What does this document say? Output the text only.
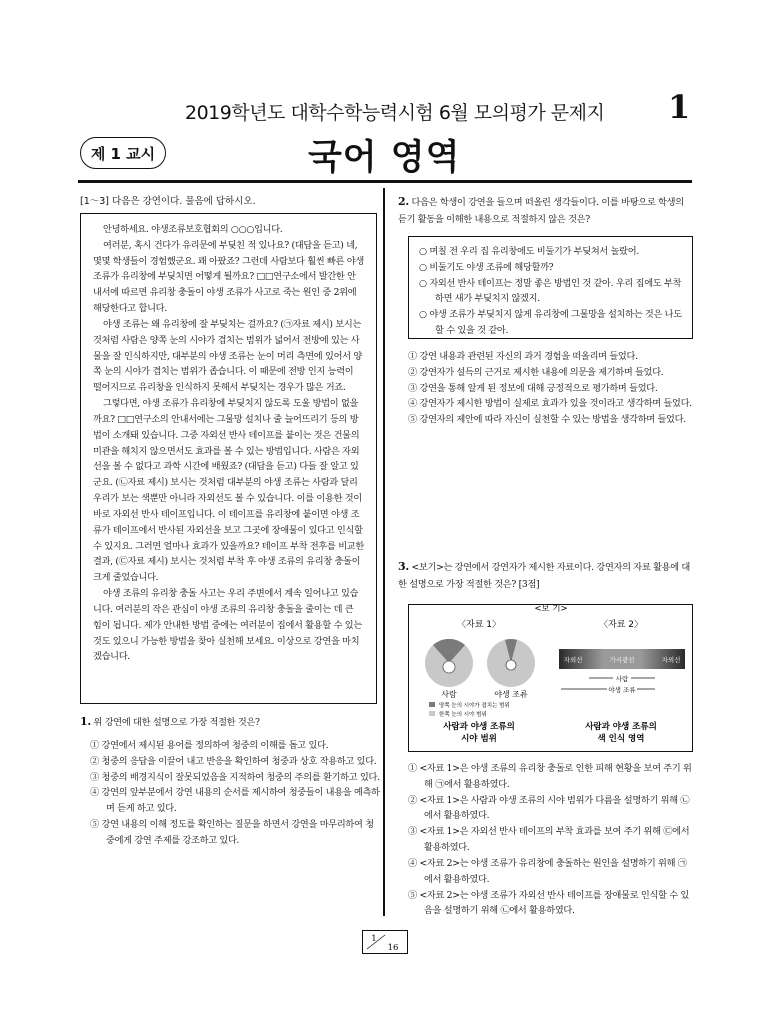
2019학년도 대학수학능력시험 6월 모의평가 문제지 1
제 1 교시	국어 영역
[1～3] 다음은 강연이다. 물음에 답하시오.

안녕하세요. 야생조류보호협회의 ○○○입니다.

여러분, 혹시 건다가 유리문에 부딪친 적 있나요? (대답을 듣고) 네, 몇몇 학생들이 경험했군요. 꽤 아팠죠? 그런데 사람보다 훨씬 빠른 야생 조류가 유리창에 부딪치면 어떻게 될까요? □□연구소에서 발간한 안내서에 따르면 유리창 충돌이 야생 조류가 사고로 죽는 원인 중 2위에 해당한다고 합니다.

야생 조류는 왜 유리창에 잘 부딪치는 걸까요? (㉠자료 제시) 보시는 것처럼 사람은 양쪽 눈의 시야가 겹치는 범위가 넓어서 전방에 있는 사물을 잘 인식하지만, 대부분의 야생 조류는 눈이 머리 측면에 있어서 양쪽 눈의 시야가 겹치는 범위가 좁습니다. 이 때문에 전방 인지 능력이 떨어지므로 유리창을 인식하지 못해서 부딪치는 경우가 많은 거죠.

그렇다면, 야생 조류가 유리창에 부딪치지 않도록 도울 방법이 없을까요? □□연구소의 안내서에는 그물망 설치나 줄 늘어뜨리기 등의 방법이 소개돼 있습니다. 그중 자외선 반사 테이프를 붙이는 것은 건물의 미관을 해치지 않으면서도 효과를 볼 수 있는 방법입니다. 사람은 자외선을 볼 수 없다고 과학 시간에 배웠죠? (대답을 듣고) 다들 잘 알고 있군요. (㉡자료 제시) 보시는 것처럼 대부분의 야생 조류는 사람과 달리 우리가 보는 색뿐만 아니라 자외선도 볼 수 있습니다. 이를 이용한 것이 바로 자외선 반사 테이프입니다. 이 테이프를 유리창에 붙이면 야생 조류가 테이프에서 반사된 자외선을 보고 그곳에 장애물이 있다고 인식할 수 있지요. 그러면 얼마나 효과가 있을까요? 테이프 부착 전후를 비교한 결과, (㉢자료 제시) 보시는 것처럼 부착 후 야생 조류의 유리창 충돌이 크게 줄었습니다.

야생 조류의 유리창 충돌 사고는 우리 주변에서 계속 일어나고 있습니다. 여러분의 작은 관심이 야생 조류의 유리창 충돌을 줄이는 데 큰 힘이 됩니다. 제가 안내한 방법 중에는 여러분이 집에서 활용할 수 있는 것도 있으니 가능한 방법을 찾아 실천해 보세요. 이상으로 강연을 마치겠습니다.

1. 위 강연에 대한 설명으로 가장 적절한 것은?

① 강연에서 제시된 용어를 정의하여 청중의 이해를 돕고 있다.

② 청중의 응답을 이끌어 내고 반응을 확인하여 청중과 상호 작용하고 있다.

③ 청중의 배경지식이 잘못되었음을 지적하여 청중의 주의를 환기하고 있다.

④ 강연의 앞부분에서 강연 내용의 순서를 제시하여 청중들이 내용을 예측하며 듣게 하고 있다.

⑤ 강연 내용의 이해 정도를 확인하는 질문을 하면서 강연을 마무리하여 청중에게 강연 주제를 강조하고 있다.

2. 다음은 학생이 강연을 들으며 떠올린 생각들이다. 이를 바탕으로 학생의 듣기 활동을 이해한 내용으로 적절하지 않은 것은?

○ 며칠 전 우리 집 유리창에도 비둘기가 부딪쳐서 놀랐어.

○ 비둘기도 야생 조류에 해당할까?

○ 자외선 반사 테이프는 정말 좋은 방법인 것 같아. 우리 집에도 부착하면 새가 부딪치지 않겠지.

○ 야생 조류가 부딪치지 않게 유리창에 그물망을 설치하는 것은 나도 할 수 있을 것 같아.

① 강연 내용과 관련된 자신의 과거 경험을 떠올리며 들었다.

② 강연자가 설득의 근거로 제시한 내용에 의문을 제기하며 들었다.

③ 강연을 통해 알게 된 정보에 대해 긍정적으로 평가하며 들었다.

④ 강연자가 제시한 방법이 실제로 효과가 있을 것이라고 생각하며 들었다.

⑤ 강연자의 제안에 따라 자신이 실천할 수 있는 방법을 생각하며 들었다.

3. <보기>는 강연에서 강연자가 제시한 자료이다. 강연자의 자료 활용에 대한 설명으로 가장 적절한 것은? [3점]

<보 기>
〈자료 1〉
사람	야생 조류
양쪽 눈의 시야가 겹치는 범위
한쪽 눈의 시야 범위
사람과 야생 조류의
시야 범위
〈자료 2〉
자외선	가시광선	자외선
사람
야생 조류
사람과 야생 조류의
색 인식 영역

① <자료 1>은 야생 조류의 유리창 충돌로 인한 피해 현황을 보여 주기 위해 ㉠에서 활용하였다.

② <자료 1>은 사람과 야생 조류의 시야 범위가 다름을 설명하기 위해 ㉡에서 활용하였다.

③ <자료 1>은 자외선 반사 테이프의 부착 효과를 보여 주기 위해 ㉢에서 활용하였다.

④ <자료 2>는 야생 조류가 유리창에 충돌하는 원인을 설명하기 위해 ㉠에서 활용하였다.

⑤ <자료 2>는 야생 조류가 자외선 반사 테이프를 장애물로 인식할 수 있음을 설명하기 위해 ㉡에서 활용하였다.

1
16
